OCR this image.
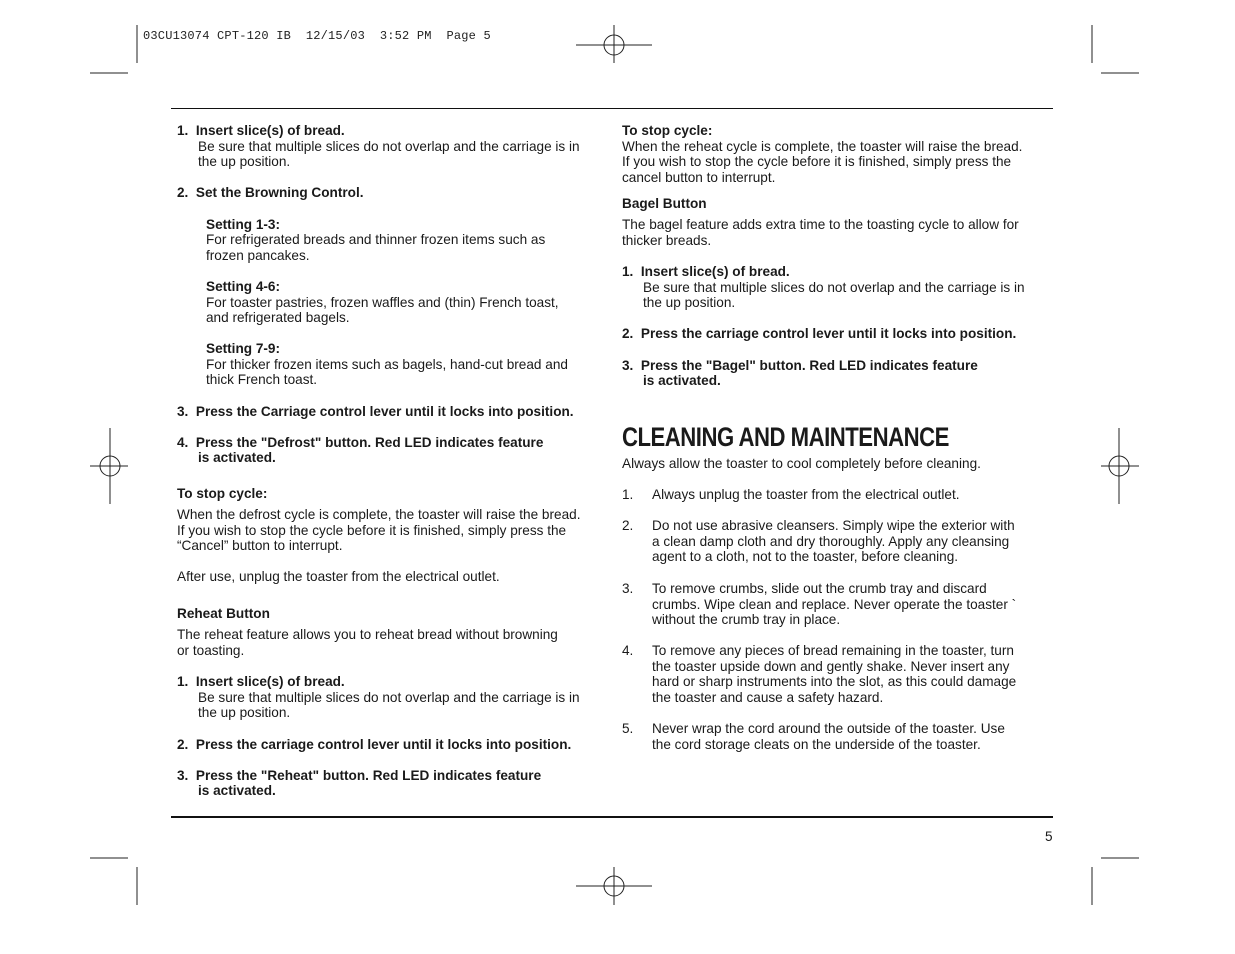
03CU13074 CPT-120 IB  12/15/03  3:52 PM  Page 5

1.  Insert slice(s) of bread.

Be sure that multiple slices do not overlap and the carriage is in

the up position.

2.  Set the Browning Control.

Setting 1-3:

For refrigerated breads and thinner frozen items such as

frozen pancakes.

Setting 4-6:

For toaster pastries, frozen waffles and (thin) French toast,

and refrigerated bagels.

Setting 7-9:

For thicker frozen items such as bagels, hand-cut bread and

thick French toast.

3.  Press the Carriage control lever until it locks into position.

4.  Press the "Defrost" button. Red LED indicates feature

is activated.

To stop cycle:

When the defrost cycle is complete, the toaster will raise the bread.

If you wish to stop the cycle before it is finished, simply press the

“Cancel” button to interrupt.

After use, unplug the toaster from the electrical outlet.

Reheat Button

The reheat feature allows you to reheat bread without browning

or toasting.

1.  Insert slice(s) of bread.

Be sure that multiple slices do not overlap and the carriage is in

the up position.

2.  Press the carriage control lever until it locks into position.

3.  Press the "Reheat" button. Red LED indicates feature

is activated.

To stop cycle:

When the reheat cycle is complete, the toaster will raise the bread.

If you wish to stop the cycle before it is finished, simply press the

cancel button to interrupt.

Bagel Button

The bagel feature adds extra time to the toasting cycle to allow for

thicker breads.

1.  Insert slice(s) of bread.

Be sure that multiple slices do not overlap and the carriage is in

the up position.

2.  Press the carriage control lever until it locks into position.

3.  Press the "Bagel" button. Red LED indicates feature

is activated.

Always allow the toaster to cool completely before cleaning.

1.	Always unplug the toaster from the electrical outlet.

2.	Do not use abrasive cleansers. Simply wipe the exterior with

a clean damp cloth and dry thoroughly. Apply any cleansing

agent to a cloth, not to the toaster, before cleaning.

3.	To remove crumbs, slide out the crumb tray and discard

crumbs. Wipe clean and replace. Never operate the toaster `

without the crumb tray in place.

4.	To remove any pieces of bread remaining in the toaster, turn

the toaster upside down and gently shake. Never insert any

hard or sharp instruments into the slot, as this could damage

the toaster and cause a safety hazard.

5.	Never wrap the cord around the outside of the toaster. Use

the cord storage cleats on the underside of the toaster.

CLEANING AND MAINTENANCE
5
